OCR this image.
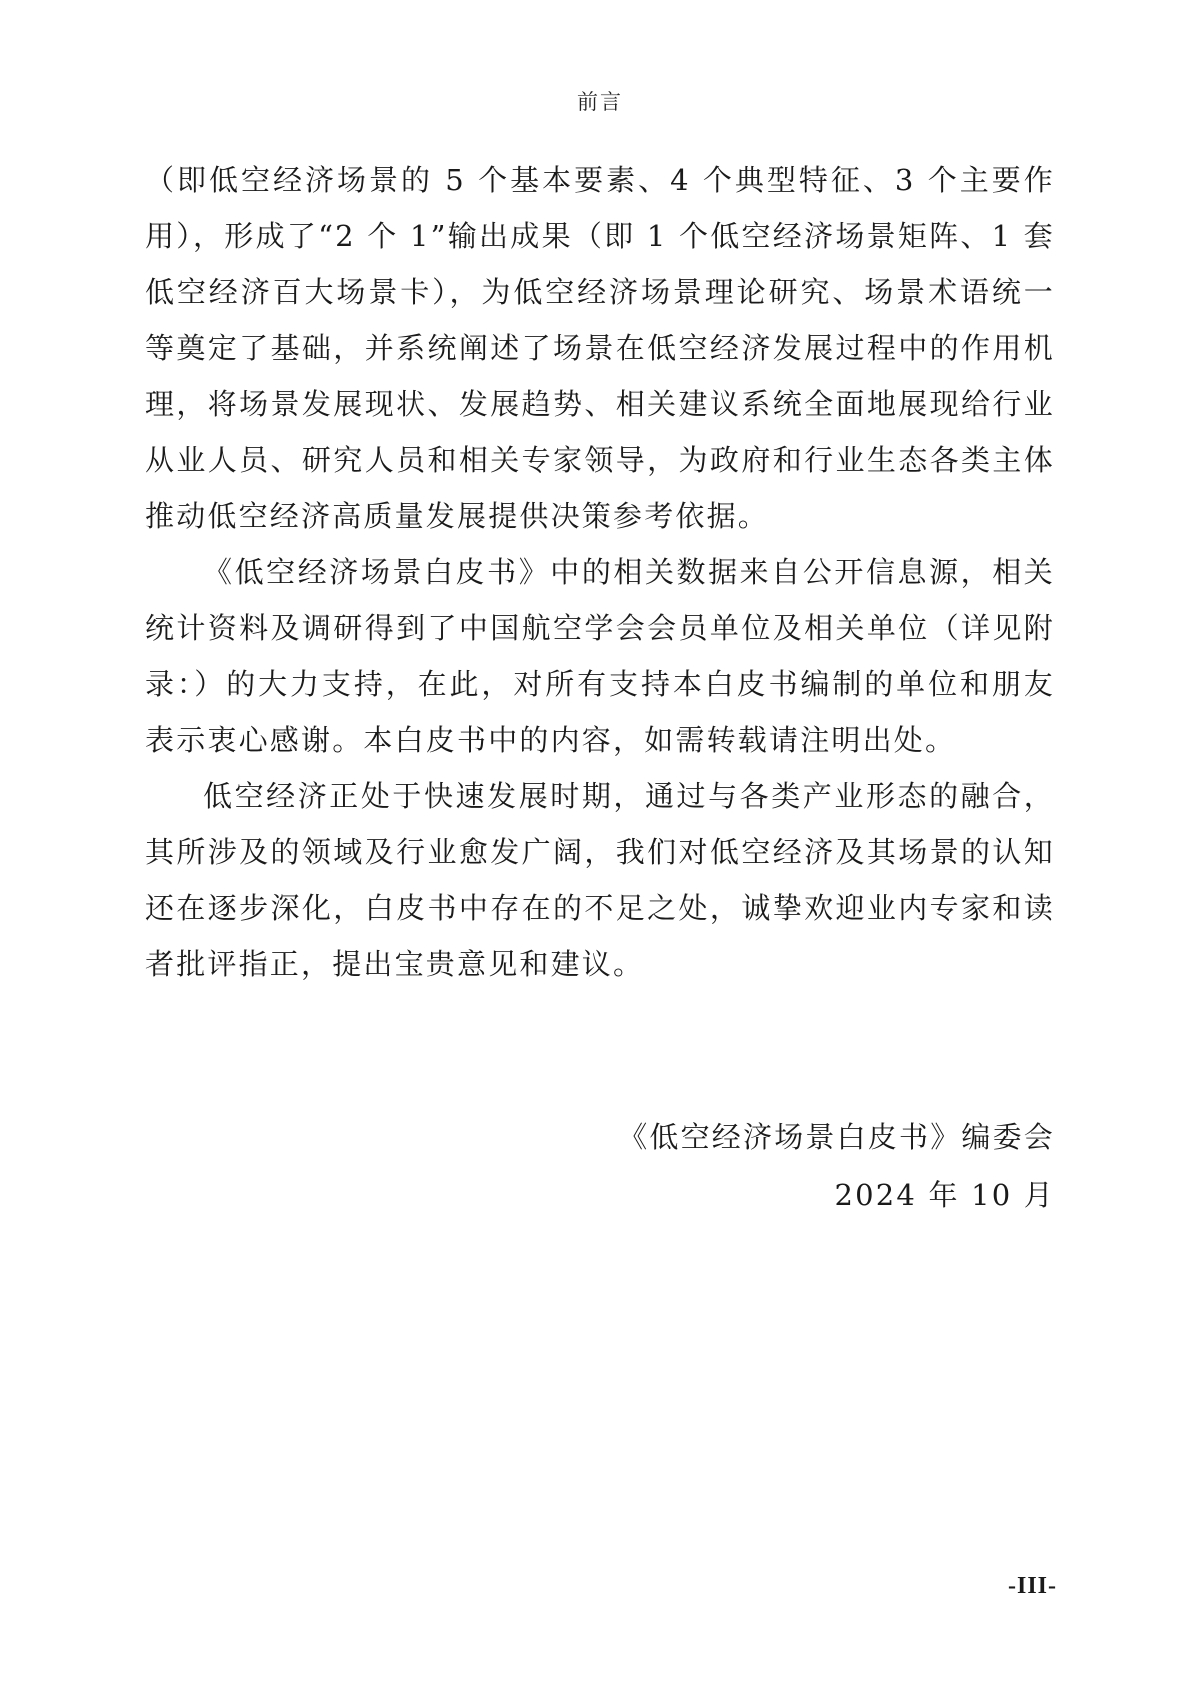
前言

（即低空经济场景的 5 个基本要素、4 个典型特征、3 个主要作用），形成了“2 个 1”输出成果（即 1 个低空经济场景矩阵、1 套低空经济百大场景卡），为低空经济场景理论研究、场景术语统一等奠定了基础，并系统阐述了场景在低空经济发展过程中的作用机理，将场景发展现状、发展趋势、相关建议系统全面地展现给行业从业人员、研究人员和相关专家领导，为政府和行业生态各类主体推动低空经济高质量发展提供决策参考依据。

《低空经济场景白皮书》中的相关数据来自公开信息源，相关统计资料及调研得到了中国航空学会会员单位及相关单位（详见附录：）的大力支持，在此，对所有支持本白皮书编制的单位和朋友表示衷心感谢。本白皮书中的内容，如需转载请注明出处。

低空经济正处于快速发展时期，通过与各类产业形态的融合，其所涉及的领域及行业愈发广阔，我们对低空经济及其场景的认知还在逐步深化，白皮书中存在的不足之处，诚挚欢迎业内专家和读者批评指正，提出宝贵意见和建议。

《低空经济场景白皮书》编委会
2024 年 10 月
-III-
